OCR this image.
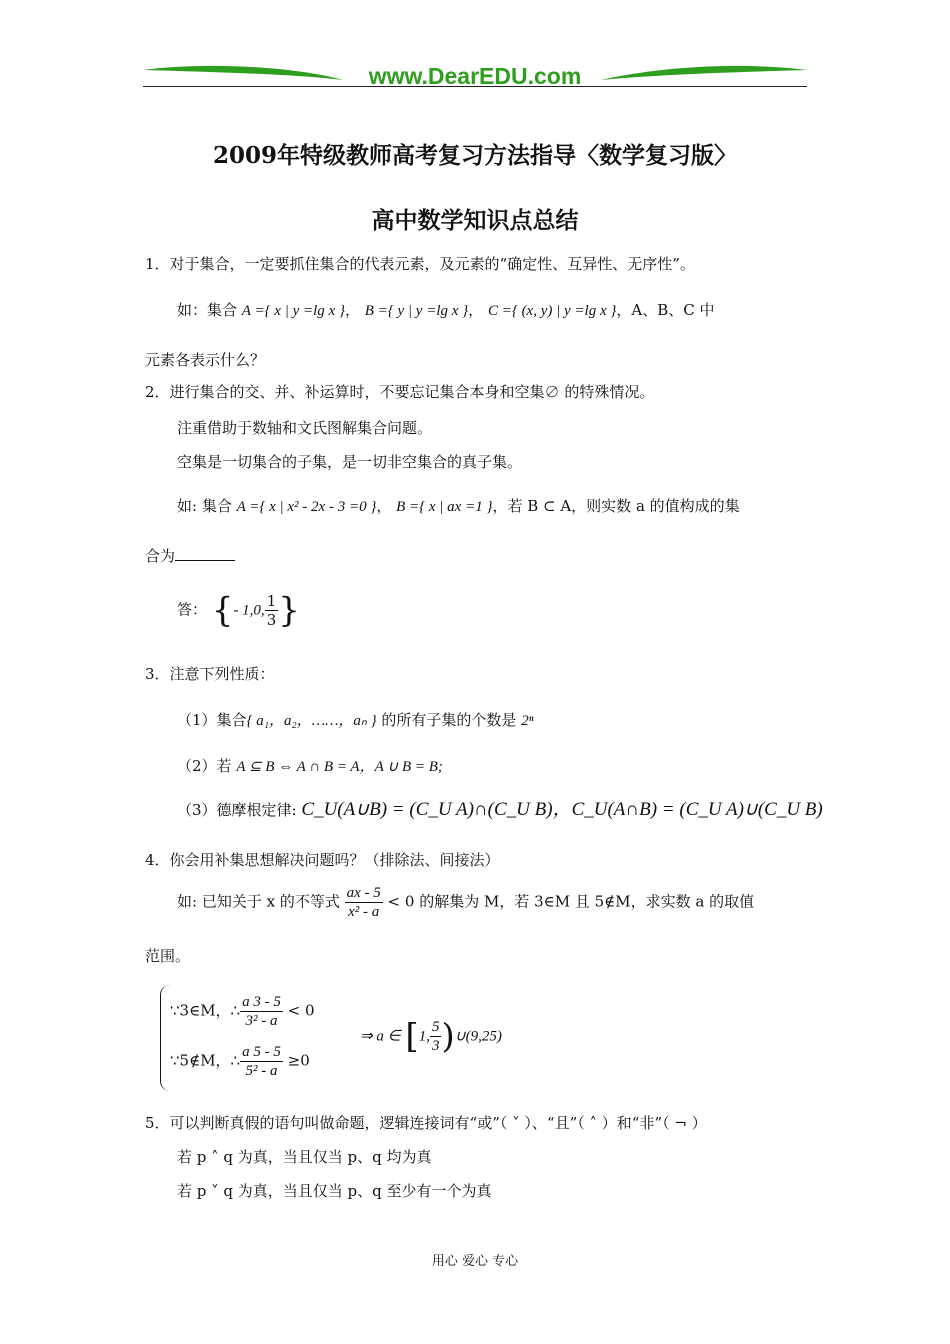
www.DearEDU.com
2009年特级教师高考复习方法指导〈数学复习版〉
高中数学知识点总结
1．对于集合，一定要抓住集合的代表元素，及元素的“确定性、互异性、无序性”。
如：集合 A ={ x | y =lg x }， B ={ y | y =lg x }， C ={ (x, y) | y =lg x }，A、B、C 中
元素各表示什么？
2．进行集合的交、并、补运算时，不要忘记集合本身和空集∅ 的特殊情况。
注重借助于数轴和文氏图解集合问题。
空集是一切集合的子集，是一切非空集合的真子集。
如: 集合 A ={ x | x² - 2x - 3 =0 }， B ={ x | ax =1 }，若 B ⊂ A，则实数 a 的值构成的集
合为
答： {- 1,0, $\frac{1}{3}$ }
3．注意下列性质：
（1）集合{ a₁，a₂，……，aₙ } 的所有子集的个数是 2ⁿ
（2）若 A ⊆ B ⇔ A ∩ B = A，A ∪ B = B;
（3）德摩根定律: C_U(A∪B) = (C_U A)∩(C_U B)，C_U(A∩B) = (C_U A)∪(C_U B)
4．你会用补集思想解决问题吗？（排除法、间接法）
如: 已知关于 x 的不等式 $\frac{ax - 5}{\text{x² - a}} < 0$ 的解集为 M，若 3∈M 且 5∉M，求实数 a 的取值
范围。
∵3∈M，∴ $\frac{a 3 - 5}{\text{3² - a}} < 0$
∵5∉M，∴ $\frac{a 5 - 5}{\text{5² - a}} \ge 0$
⇒ a ∈ [1, $\frac{5}{3}$ )∪(9,25)
5．可以判断真假的语句叫做命题，逻辑连接词有“或”（ ˅ ）、“且”（ ˄ ）和“非”（ ¬ ）
若 p ˄ q 为真，当且仅当 p、q 均为真
若 p ˅ q 为真，当且仅当 p、q 至少有一个为真
用心 爱心 专心
